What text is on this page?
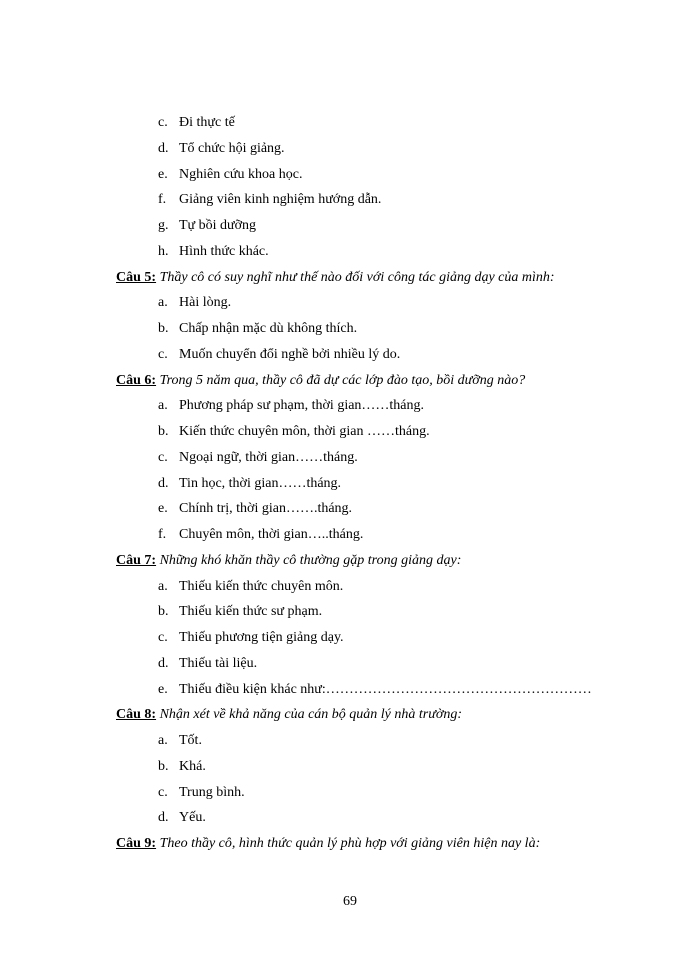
c. Đi thực tế
d. Tổ chức hội giảng.
e. Nghiên cứu khoa học.
f. Giảng viên kinh nghiệm hướng dẫn.
g. Tự bồi dưỡng
h. Hình thức khác.
Câu 5: Thầy cô có suy nghĩ như thế nào đối với công tác giảng dạy của mình:
a. Hài lòng.
b. Chấp nhận mặc dù không thích.
c. Muốn chuyển đổi nghề bởi nhiều lý do.
Câu 6: Trong 5 năm qua, thầy cô đã dự các lớp đào tạo, bồi dưỡng nào?
a. Phương pháp sư phạm, thời gian……tháng.
b. Kiến thức chuyên môn, thời gian ……tháng.
c. Ngoại ngữ, thời gian……tháng.
d. Tin học, thời gian……tháng.
e. Chính trị, thời gian…….tháng.
f. Chuyên môn, thời gian…..tháng.
Câu 7: Những khó khăn thầy cô thường gặp trong giảng dạy:
a. Thiếu kiến thức chuyên môn.
b. Thiếu kiến thức sư phạm.
c. Thiếu phương tiện giảng dạy.
d. Thiếu tài liệu.
e. Thiếu điều kiện khác như:…………………………………………………
Câu 8: Nhận xét về khả năng của cán bộ quản lý nhà trường:
a. Tốt.
b. Khá.
c. Trung bình.
d. Yếu.
Câu 9: Theo thầy cô, hình thức quản lý phù hợp với giảng viên hiện nay là:
69
